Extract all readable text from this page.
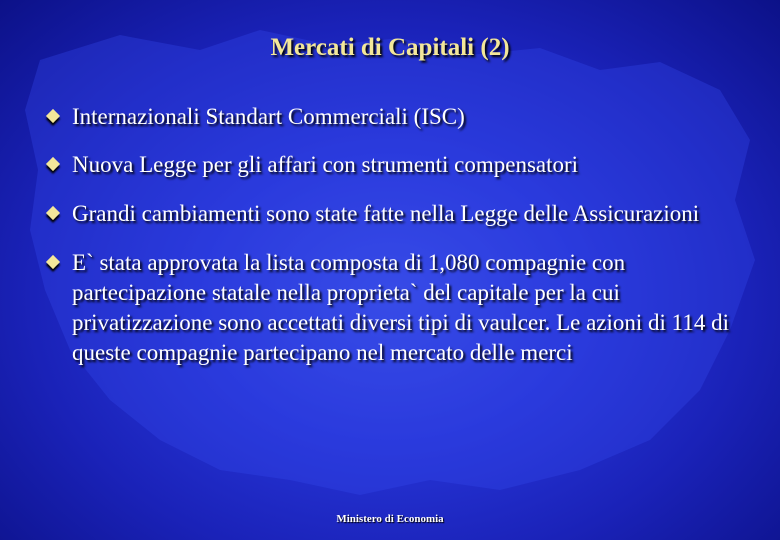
Mercati di Capitali (2)
Internazionali Standart Commerciali (ISC)
Nuova Legge per gli affari con strumenti compensatori
Grandi cambiamenti sono state fatte nella Legge delle Assicurazioni
E` stata approvata la lista composta di 1,080 compagnie con partecipazione statale nella proprieta` del capitale per la cui privatizzazione sono accettati diversi tipi di vaulcer. Le azioni di 114 di queste compagnie partecipano nel mercato delle merci
Ministero di Economia
